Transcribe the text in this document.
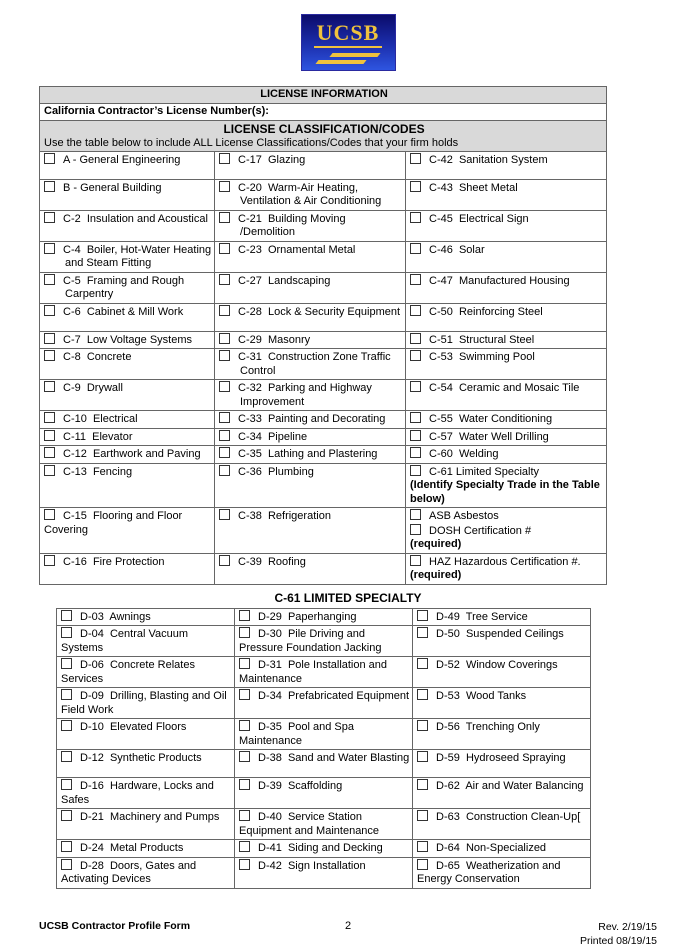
UCSB
LICENSE INFORMATION		

California Contractor’s License Number(s):		

LICENSE CLASSIFICATION/CODES
Use the table below to include ALL License Classifications/Codes that your firm holds		

A - General Engineering	C-17  Glazing	C-42  Sanitation System

B - General Building	C-20  Warm-Air Heating, Ventilation & Air Conditioning	C-43  Sheet Metal

C-2  Insulation and Acoustical	C-21  Building Moving /Demolition	C-45  Electrical Sign

C-4  Boiler, Hot-Water Heating and Steam Fitting	C-23  Ornamental Metal	C-46  Solar

C-5  Framing and Rough Carpentry	C-27  Landscaping	C-47  Manufactured Housing

C-6  Cabinet & Mill Work	C-28  Lock & Security Equipment	C-50  Reinforcing Steel

C-7  Low Voltage Systems	C-29  Masonry	C-51  Structural Steel

C-8  Concrete	C-31  Construction Zone Traffic Control	C-53  Swimming Pool

C-9  Drywall	C-32  Parking and Highway Improvement	C-54  Ceramic and Mosaic Tile

C-10  Electrical	C-33  Painting and Decorating	C-55  Water Conditioning

C-11  Elevator	C-34  Pipeline	C-57  Water Well Drilling

C-12  Earthwork and Paving	C-35  Lathing and Plastering	C-60  Welding

C-13  Fencing	C-36  Plumbing	C-61 Limited Specialty
(Identify Specialty Trade in the Table below)

C-15  Flooring and Floor Covering	C-38  Refrigeration	ASB Asbestos
DOSH Certification #
(required)

C-16  Fire Protection	C-39  Roofing	HAZ Hazardous Certification #.
(required)
C-61 LIMITED SPECIALTY
D-03  Awnings	D-29  Paperhanging	D-49  Tree Service

D-04  Central Vacuum Systems	D-30  Pile Driving and Pressure Foundation Jacking	D-50  Suspended Ceilings

D-06  Concrete Relates Services	D-31  Pole Installation and Maintenance	D-52  Window Coverings

D-09  Drilling, Blasting and Oil Field Work	D-34  Prefabricated Equipment	D-53  Wood Tanks

D-10  Elevated Floors	D-35  Pool and Spa Maintenance	D-56  Trenching Only

D-12  Synthetic Products	D-38  Sand and Water Blasting	D-59  Hydroseed Spraying

D-16  Hardware, Locks and Safes	D-39  Scaffolding	D-62  Air and Water Balancing

D-21  Machinery and Pumps	D-40  Service Station Equipment and Maintenance	D-63  Construction Clean-Up[

D-24  Metal Products	D-41  Siding and Decking	D-64  Non-Specialized

D-28  Doors, Gates and Activating Devices	D-42  Sign Installation	D-65  Weatherization and Energy Conservation
UCSB Contractor Profile Form	2	Rev. 2/19/15
Printed 08/19/15
